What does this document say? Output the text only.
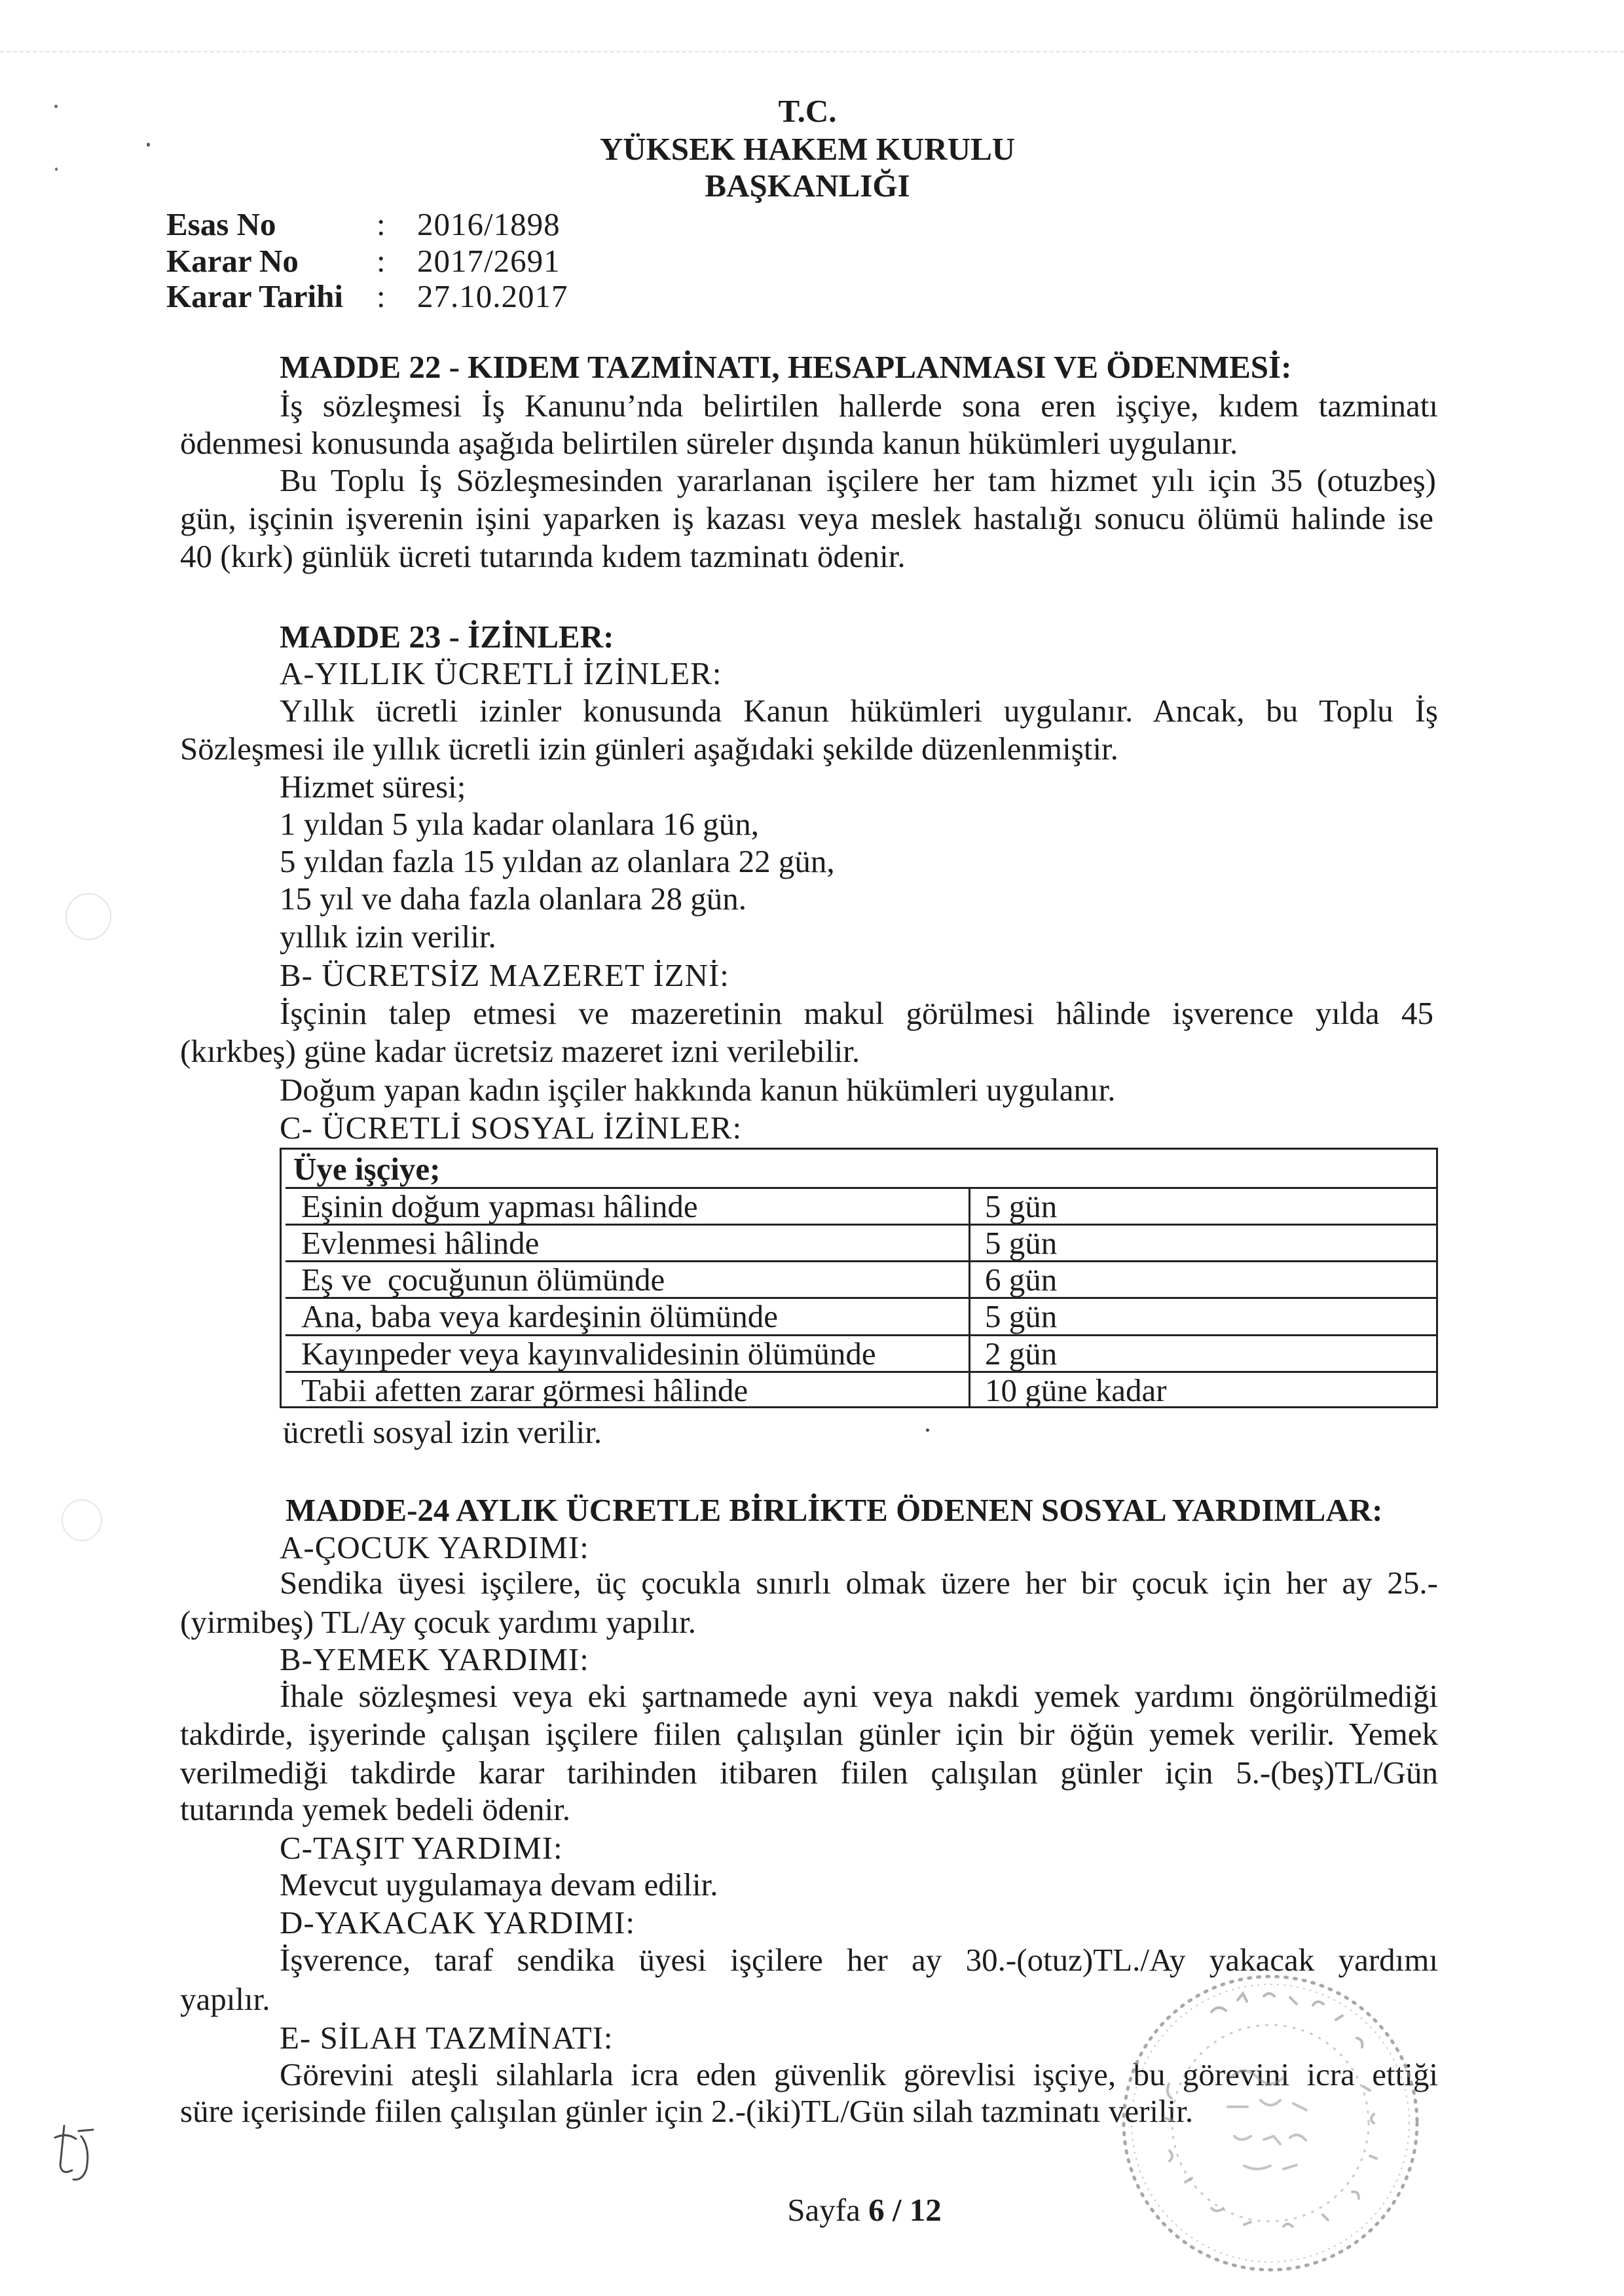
T.C.
YÜKSEK HAKEM KURULU
BAŞKANLIĞI
Esas No	: 2016/1898
Karar No : 2017/2691
Karar Tarihi : 27.10.2017
MADDE 22 - KIDEM TAZMİNATI, HESAPLANMASI VE ÖDENMESİ:
İş sözleşmesi İş Kanunu’nda belirtilen hallerde sona eren işçiye, kıdem tazminatı
ödenmesi konusunda aşağıda belirtilen süreler dışında kanun hükümleri uygulanır.
Bu Toplu İş Sözleşmesinden yararlanan işçilere her tam hizmet yılı için 35 (otuzbeş)
gün, işçinin işverenin işini yaparken iş kazası veya meslek hastalığı sonucu ölümü halinde ise
40 (kırk) günlük ücreti tutarında kıdem tazminatı ödenir.
MADDE 23 - İZİNLER:
A-YILLIK ÜCRETLİ İZİNLER:
Yıllık ücretli izinler konusunda Kanun hükümleri uygulanır. Ancak, bu Toplu İş
Sözleşmesi ile yıllık ücretli izin günleri aşağıdaki şekilde düzenlenmiştir.
Hizmet süresi;
1 yıldan 5 yıla kadar olanlara 16 gün,
5 yıldan fazla 15 yıldan az olanlara 22 gün,
15 yıl ve daha fazla olanlara 28 gün.
yıllık izin verilir.
B- ÜCRETSİZ MAZERET İZNİ:
İşçinin talep etmesi ve mazeretinin makul görülmesi hâlinde işverence yılda 45
(kırkbeş) güne kadar ücretsiz mazeret izni verilebilir.
Doğum yapan kadın işçiler hakkında kanun hükümleri uygulanır.
C- ÜCRETLİ SOSYAL İZİNLER:
Üye işçiye;
Eşinin doğum yapması hâlinde	5 gün
Evlenmesi hâlinde	5 gün
Eş ve  çocuğunun ölümünde	6 gün
Ana, baba veya kardeşinin ölümünde	5 gün
Kayınpeder veya kayınvalidesinin ölümünde	2 gün
Tabii afetten zarar görmesi hâlinde	10 güne kadar
ücretli sosyal izin verilir.
MADDE-24 AYLIK ÜCRETLE BİRLİKTE ÖDENEN SOSYAL YARDIMLAR:
A-ÇOCUK YARDIMI:
Sendika üyesi işçilere, üç çocukla sınırlı olmak üzere her bir çocuk için her ay 25.-
(yirmibeş) TL/Ay çocuk yardımı yapılır.
B-YEMEK YARDIMI:
İhale sözleşmesi veya eki şartnamede ayni veya nakdi yemek yardımı öngörülmediği
takdirde, işyerinde çalışan işçilere fiilen çalışılan günler için bir öğün yemek verilir. Yemek
verilmediği takdirde karar tarihinden itibaren fiilen çalışılan günler için 5.-(beş)TL/Gün
tutarında yemek bedeli ödenir.
C-TAŞIT YARDIMI:
Mevcut uygulamaya devam edilir.
D-YAKACAK YARDIMI:
İşverence, taraf sendika üyesi işçilere her ay 30.-(otuz)TL./Ay yakacak yardımı
yapılır.
E- SİLAH TAZMİNATI:
Görevini ateşli silahlarla icra eden güvenlik görevlisi işçiye, bu görevini icra ettiği
süre içerisinde fiilen çalışılan günler için 2.-(iki)TL/Gün silah tazminatı verilir.
Sayfa 6 / 12
